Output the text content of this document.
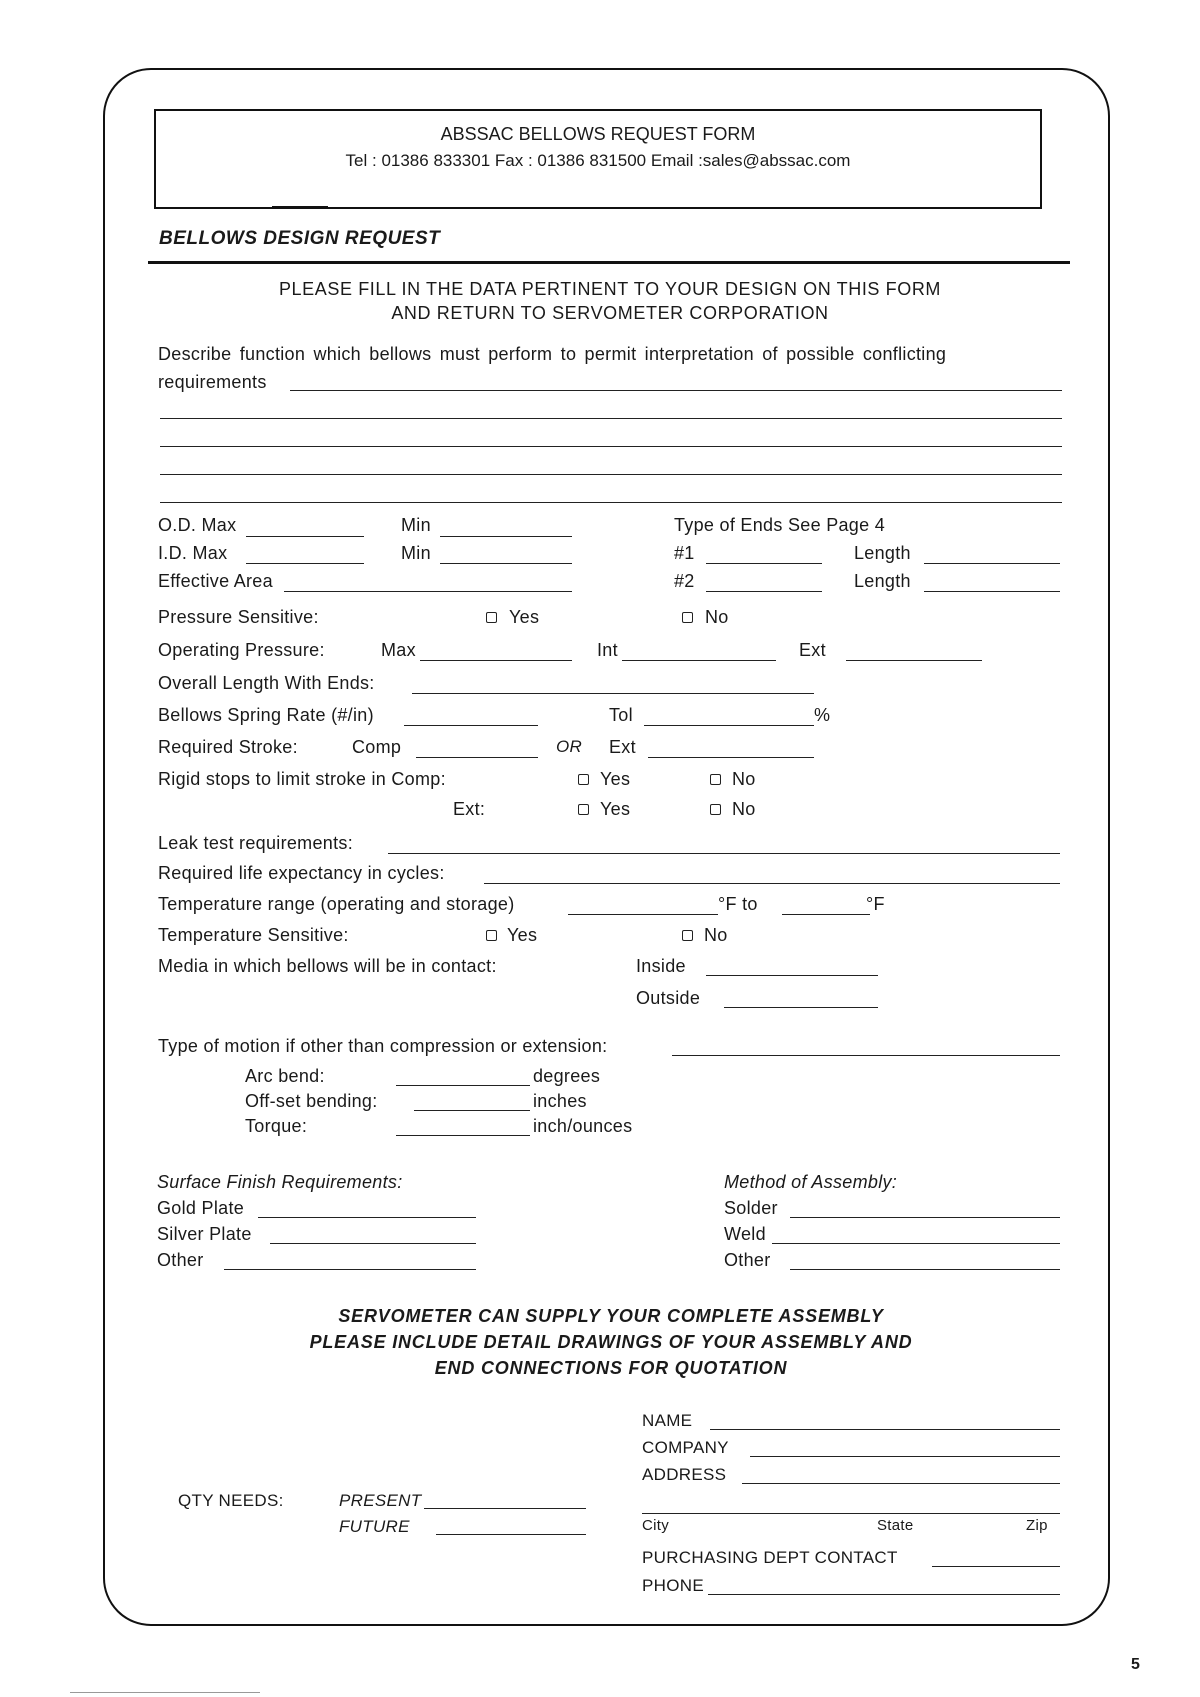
ABSSAC BELLOWS REQUEST FORM
Tel : 01386 833301 Fax : 01386 831500 Email :sales@abssac.com
BELLOWS DESIGN REQUEST
PLEASE FILL IN THE DATA PERTINENT TO YOUR DESIGN ON THIS FORM
AND RETURN TO SERVOMETER CORPORATION
Describe function which bellows must perform to permit interpretation of possible conflicting
requirements
O.D. Max	Min	Type of Ends See Page 4
I.D. Max	Min	#1	Length
Effective Area	#2	Length
Pressure Sensitive:	Yes	No
Operating Pressure:	Max	Int	Ext
Overall Length With Ends:
Bellows Spring Rate (#/in)	Tol	%
Required Stroke:	Comp	OR Ext
Rigid stops to limit stroke in Comp:	Yes	No
Ext:	Yes	No
Leak test requirements:
Required life expectancy in cycles:
Temperature range (operating and storage)	°F to	°F
Temperature Sensitive:	Yes	No
Media in which bellows will be in contact:	Inside
Outside
Type of motion if other than compression or extension:
Arc bend:	degrees
Off-set bending:	inches
Torque:	inch/ounces
Surface Finish Requirements:
Gold Plate
Silver Plate
Other
Method of Assembly:
Solder
Weld
Other
SERVOMETER CAN SUPPLY YOUR COMPLETE ASSEMBLY
PLEASE INCLUDE DETAIL DRAWINGS OF YOUR ASSEMBLY AND
END CONNECTIONS FOR QUOTATION
NAME
COMPANY
ADDRESS
City	State	Zip
PURCHASING DEPT CONTACT
PHONE
QTY NEEDS:	PRESENT
FUTURE
5
